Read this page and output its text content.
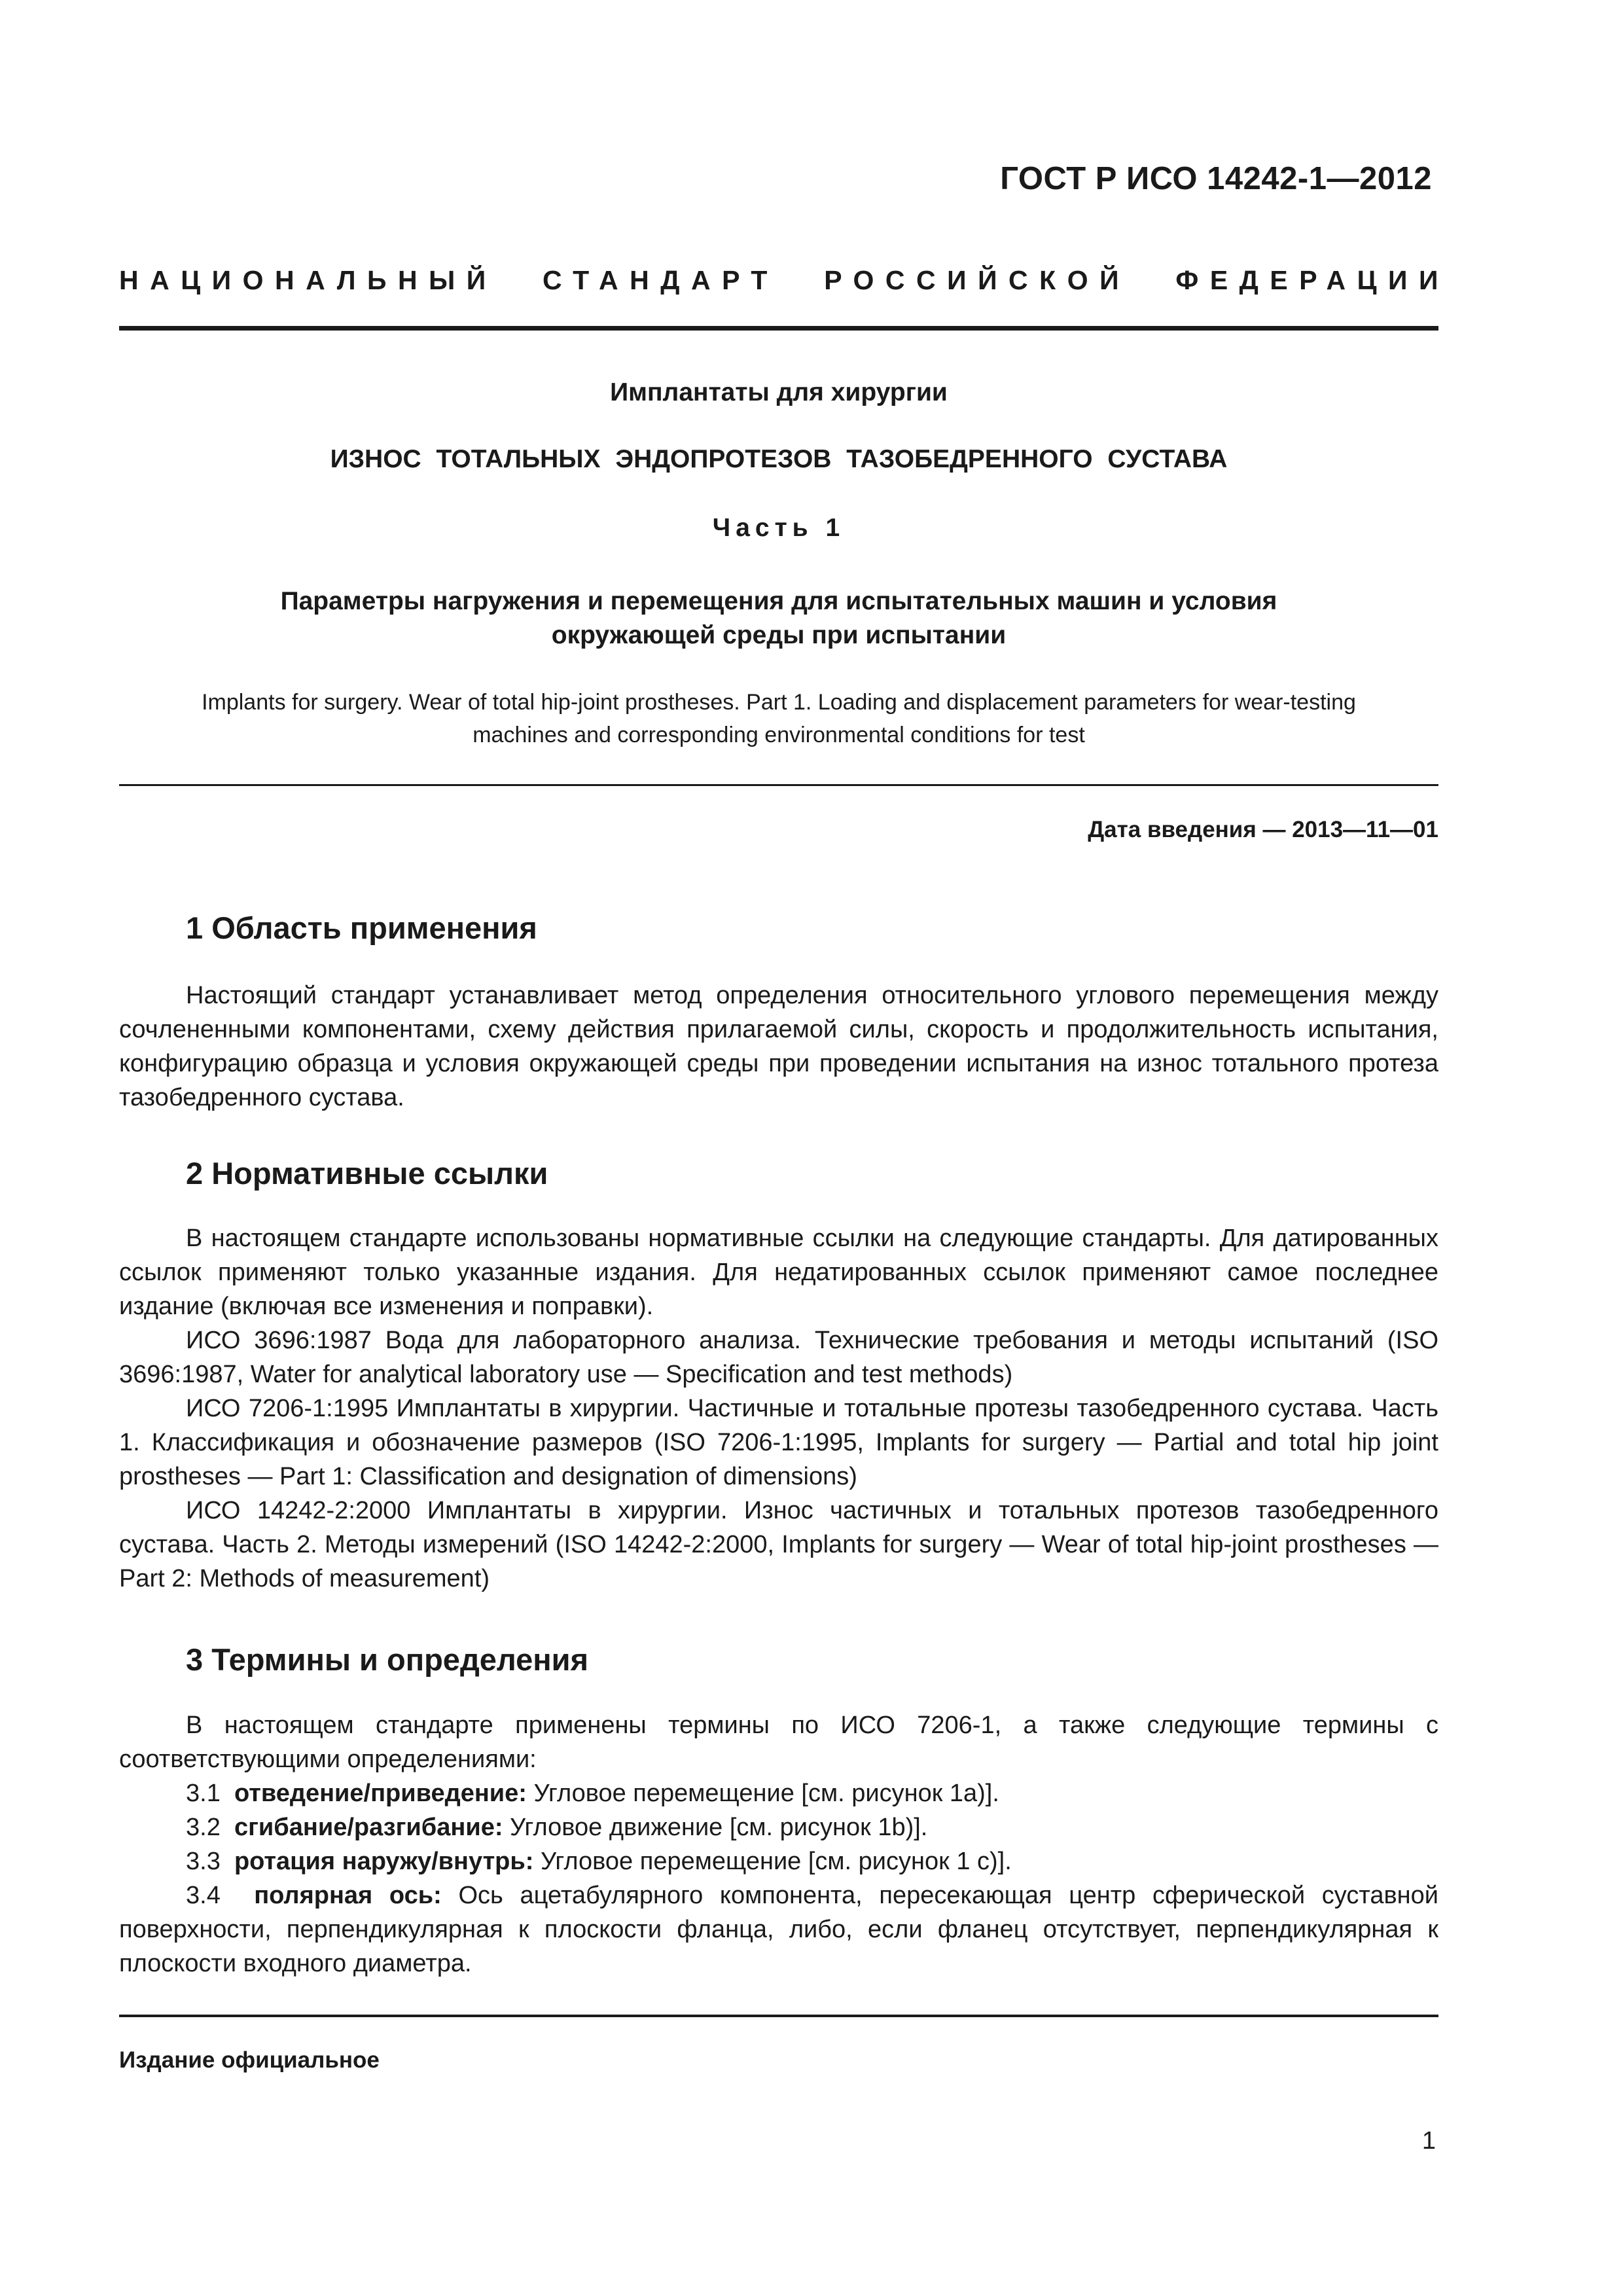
ГОСТ Р ИСО 14242-1—2012
НАЦИОНАЛЬНЫЙ СТАНДАРТ РОССИЙСКОЙ ФЕДЕРАЦИИ
Имплантаты для хирургии
ИЗНОС ТОТАЛЬНЫХ ЭНДОПРОТЕЗОВ ТАЗОБЕДРЕННОГО СУСТАВА
Часть 1
Параметры нагружения и перемещения для испытательных машин и условия
окружающей среды при испытании
Implants for surgery. Wear of total hip-joint prostheses. Part 1. Loading and displacement parameters for wear-testing
machines and corresponding environmental conditions for test
Дата введения — 2013—11—01
1 Область применения

Настоящий стандарт устанавливает метод определения относительного углового перемещения между сочлененными компонентами, схему действия прилагаемой силы, скорость и продолжительность испытания, конфигурацию образца и условия окружающей среды при проведении испытания на износ тотального протеза тазобедренного сустава.

2 Нормативные ссылки

В настоящем стандарте использованы нормативные ссылки на следующие стандарты. Для датированных ссылок применяют только указанные издания. Для недатированных ссылок применяют самое последнее издание (включая все изменения и поправки).

ИСО 3696:1987 Вода для лабораторного анализа. Технические требования и методы испытаний (ISO 3696:1987, Water for analytical laboratory use — Specification and test methods)

ИСО 7206-1:1995 Имплантаты в хирургии. Частичные и тотальные протезы тазобедренного сустава. Часть 1. Классификация и обозначение размеров (ISO 7206-1:1995, Implants for surgery — Partial and total hip joint prostheses — Part 1: Classification and designation of dimensions)

ИСО 14242-2:2000 Имплантаты в хирургии. Износ частичных и тотальных протезов тазобедренного сустава. Часть 2. Методы измерений (ISO 14242-2:2000, Implants for surgery — Wear of total hip-joint prostheses — Part 2: Methods of measurement)

3 Термины и определения

В настоящем стандарте применены термины по ИСО 7206-1, а также следующие термины с соответствующими определениями:

3.1 отведение/приведение: Угловое перемещение [см. рисунок 1a)].

3.2 сгибание/разгибание: Угловое движение [см. рисунок 1b)].

3.3 ротация наружу/внутрь: Угловое перемещение [см. рисунок 1 c)].

3.4 полярная ось: Ось ацетабулярного компонента, пересекающая центр сферической суставной поверхности, перпендикулярная к плоскости фланца, либо, если фланец отсутствует, перпендикулярная к плоскости входного диаметра.

Издание официальное
1
